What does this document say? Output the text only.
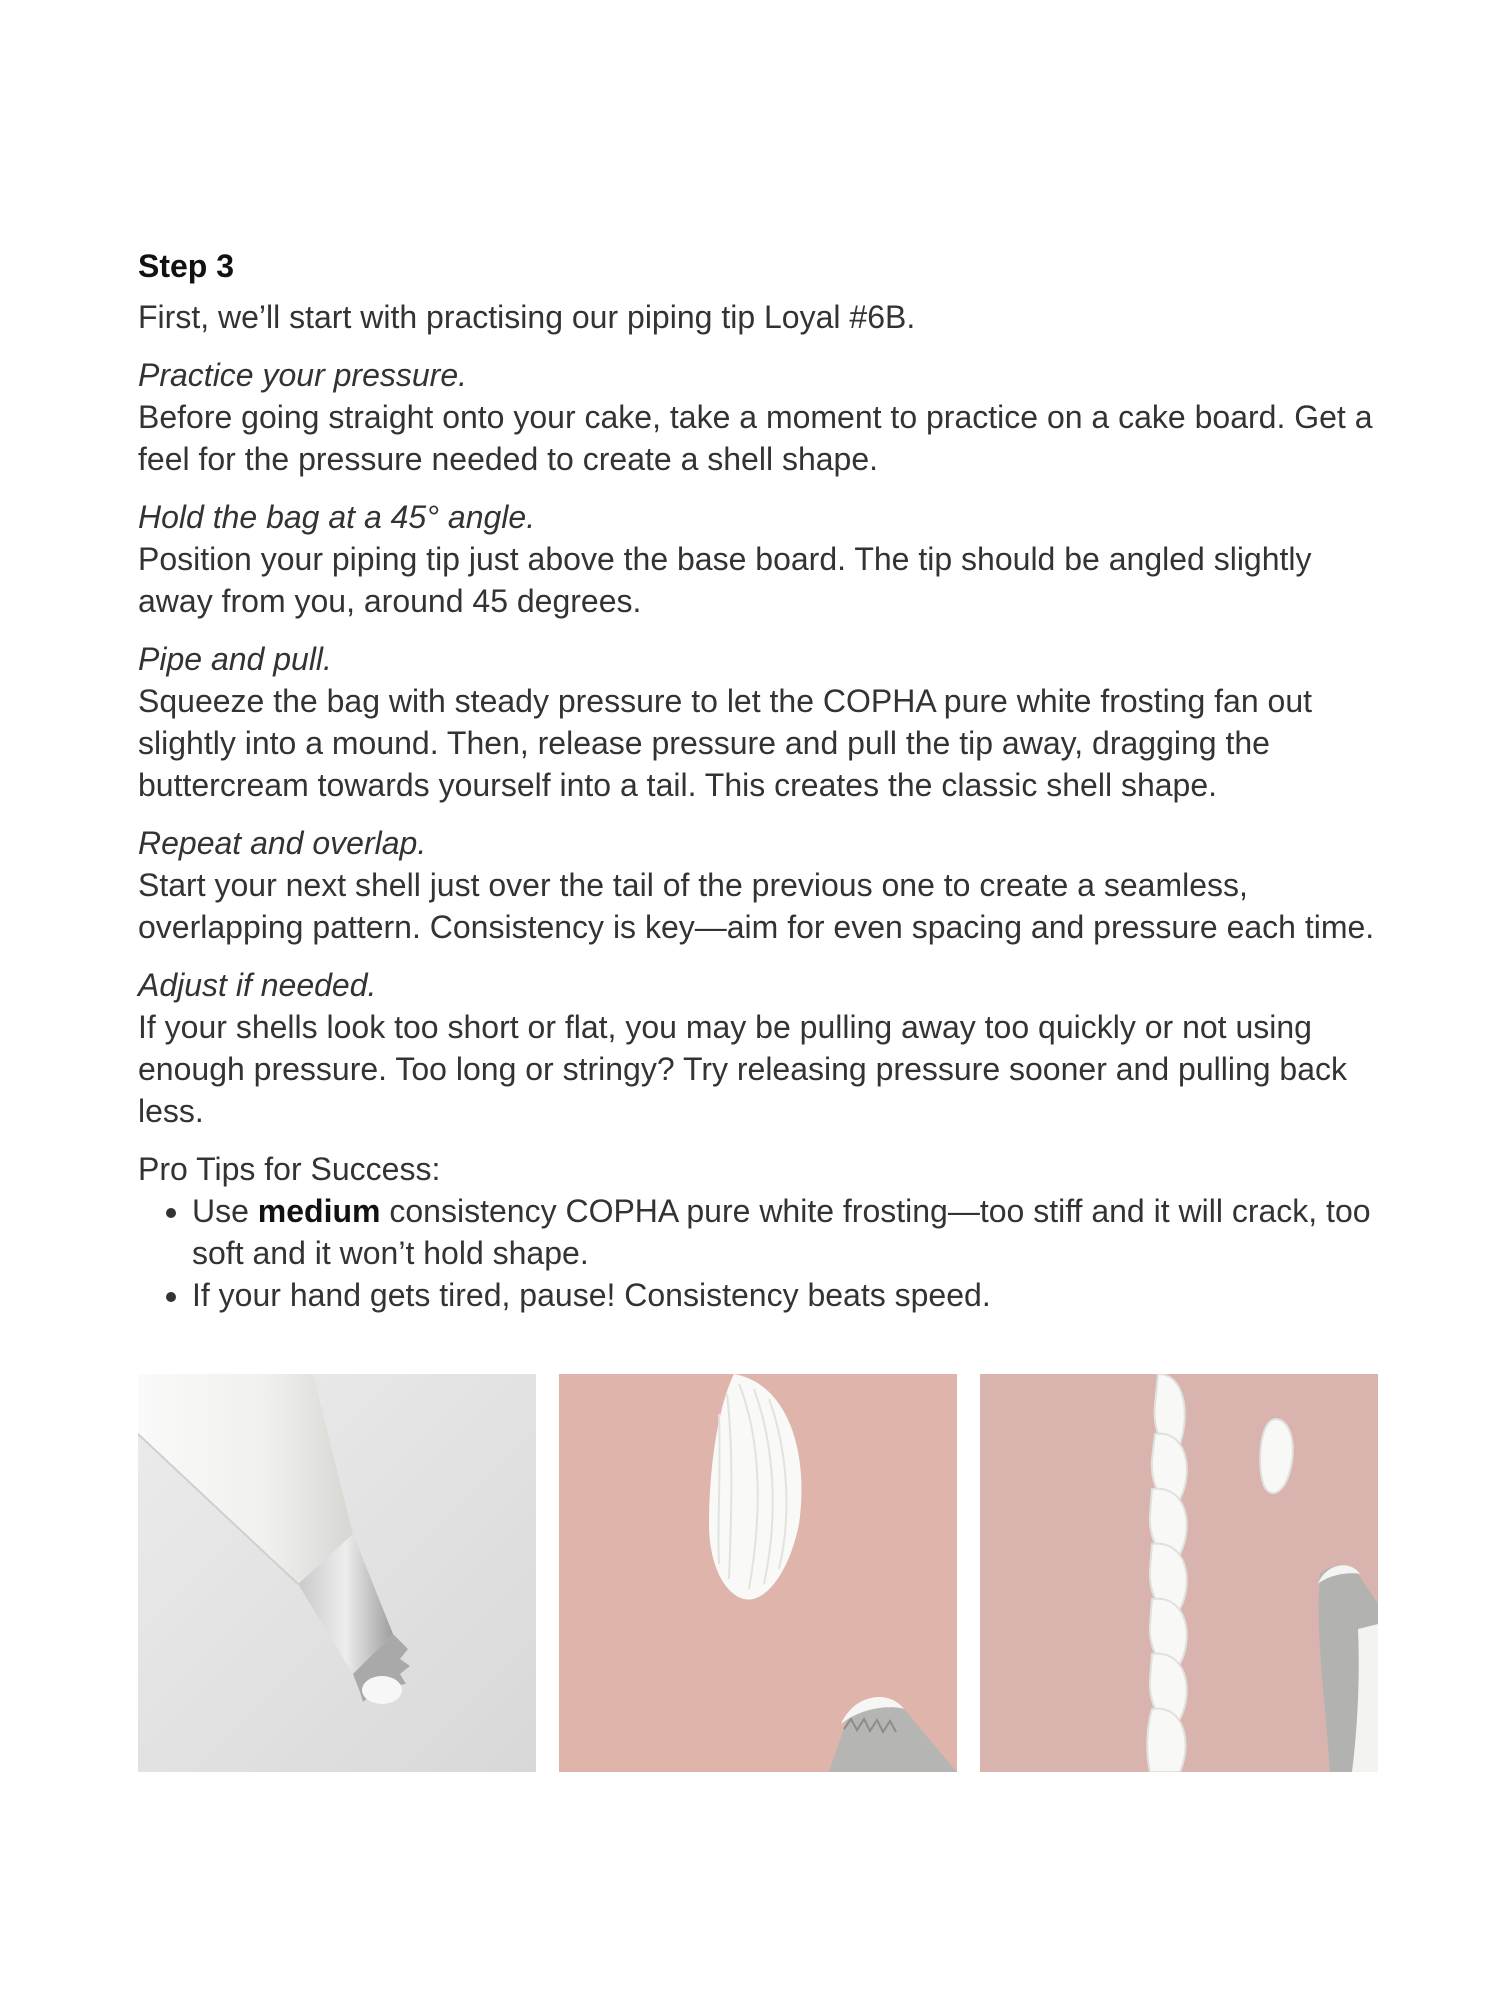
Step 3

First, we’ll start with practising our piping tip Loyal #6B.

Practice your pressure.
Before going straight onto your cake, take a moment to practice on a cake board. Get a feel for the pressure needed to create a shell shape.
Hold the bag at a 45° angle.
Position your piping tip just above the base board. The tip should be angled slightly away from you, around 45 degrees.
Pipe and pull.
Squeeze the bag with steady pressure to let the COPHA pure white frosting fan out slightly into a mound. Then, release pressure and pull the tip away, dragging the buttercream towards yourself into a tail. This creates the classic shell shape.
Repeat and overlap.
Start your next shell just over the tail of the previous one to create a seamless, overlapping pattern. Consistency is key—aim for even spacing and pressure each time.
Adjust if needed.
If your shells look too short or flat, you may be pulling away too quickly or not using enough pressure. Too long or stringy? Try releasing pressure sooner and pulling back less.

Pro Tips for Success:

• Use medium consistency COPHA pure white frosting—too stiff and it will crack, too soft and it won’t hold shape.
• If your hand gets tired, pause! Consistency beats speed.
